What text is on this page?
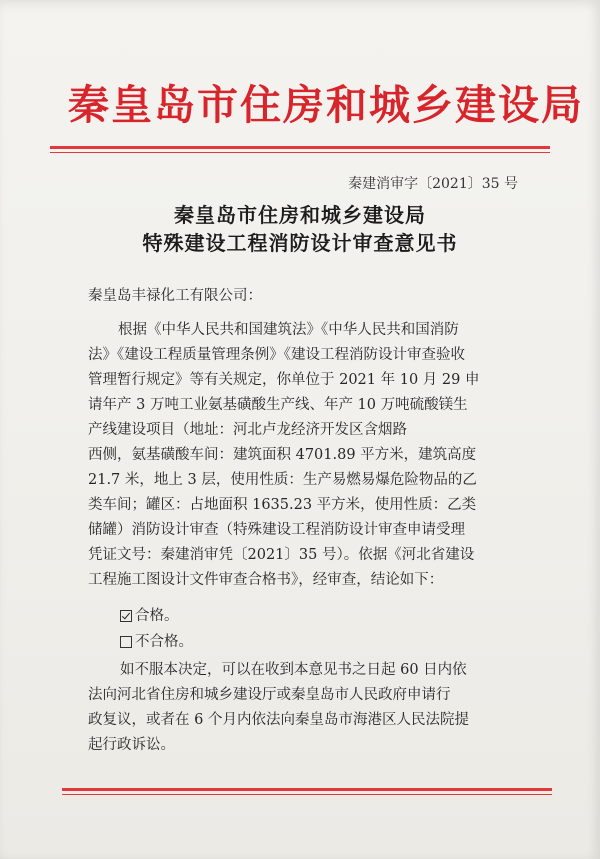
秦皇岛市住房和城乡建设局
秦建消审字〔2021〕35 号
秦皇岛市住房和城乡建设局
特殊建设工程消防设计审查意见书
秦皇岛丰禄化工有限公司：
根据《中华人民共和国建筑法》《中华人民共和国消防
法》《建设工程质量管理条例》《建设工程消防设计审查验收
管理暂行规定》等有关规定，你单位于 2021 年 10 月 29 申
请年产 3 万吨工业氨基磺酸生产线、年产 10 万吨硫酸镁生
产线建设项目（地址：河北卢龙经济开发区含烟路
西侧，氨基磺酸车间：建筑面积 4701.89 平方米，建筑高度
21.7 米，地上 3 层，使用性质：生产易燃易爆危险物品的乙
类车间；罐区：占地面积 1635.23 平方米，使用性质：乙类
储罐）消防设计审查（特殊建设工程消防设计审查申请受理
凭证文号：秦建消审凭〔2021〕35 号）。依据《河北省建设
工程施工图设计文件审查合格书》，经审查，结论如下：
合格。
不合格。
如不服本决定，可以在收到本意见书之日起 60 日内依
法向河北省住房和城乡建设厅或秦皇岛市人民政府申请行
政复议，或者在 6 个月内依法向秦皇岛市海港区人民法院提
起行政诉讼。
